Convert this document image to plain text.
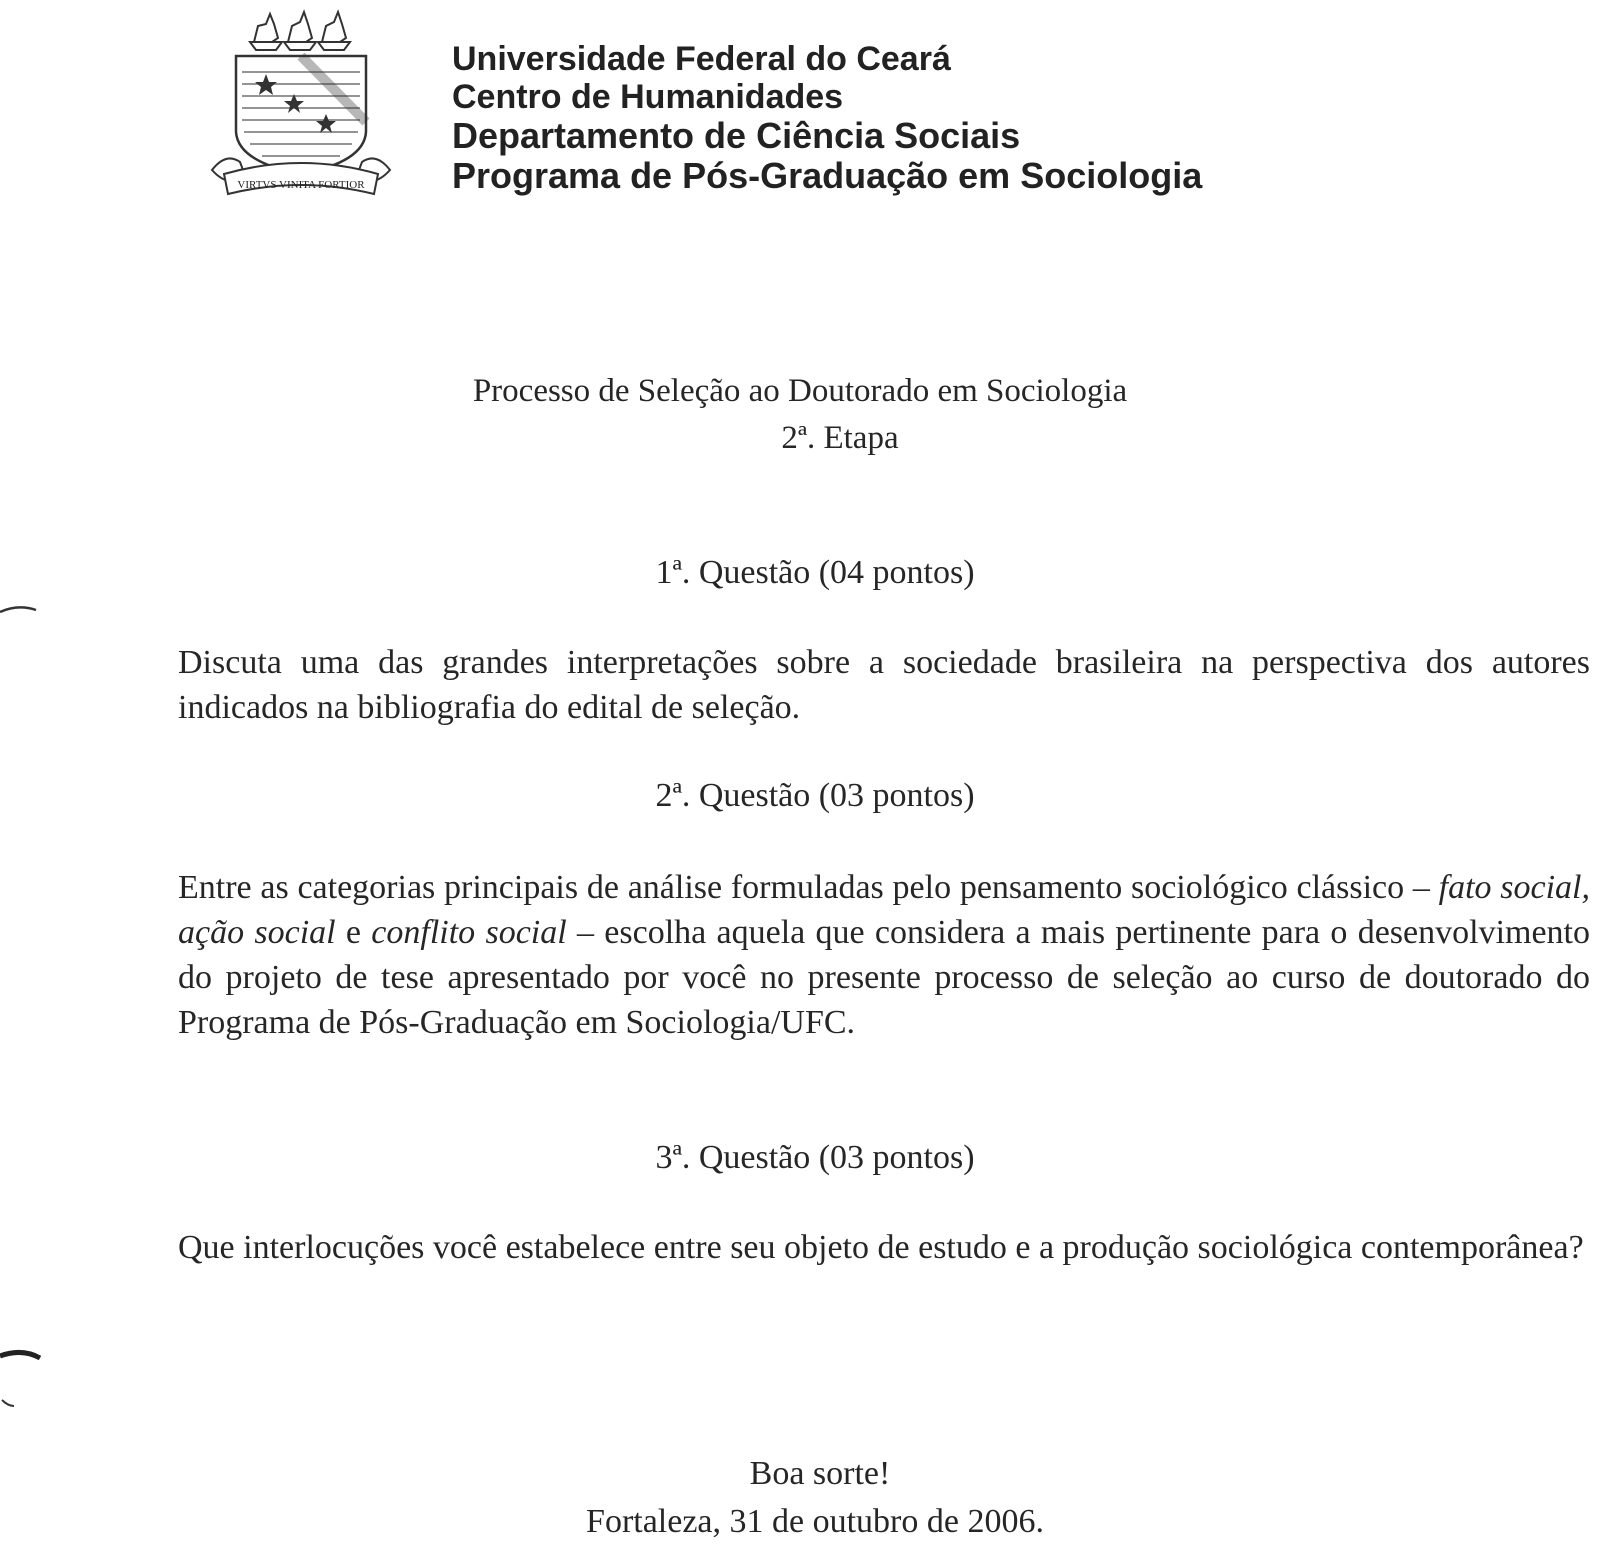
VIRTVS VINITA FORTIOR
Universidade Federal do Ceará
Centro de Humanidades
Departamento de Ciência Sociais
Programa de Pós-Graduação em Sociologia
Processo de Seleção ao Doutorado em Sociologia
2ª. Etapa
1ª. Questão (04 pontos)
Discuta uma das grandes interpretações sobre a sociedade brasileira na perspectiva dos autores indicados na bibliografia do edital de seleção.
2ª. Questão (03 pontos)
Entre as categorias principais de análise formuladas pelo pensamento sociológico clássico – fato social, ação social e conflito social – escolha aquela que considera a mais pertinente para o desenvolvimento do projeto de tese apresentado por você no presente processo de seleção ao curso de doutorado do Programa de Pós-Graduação em Sociologia/UFC.
3ª. Questão (03 pontos)
Que interlocuções você estabelece entre seu objeto de estudo e a produção sociológica contemporânea?
Boa sorte!
Fortaleza, 31 de outubro de 2006.
